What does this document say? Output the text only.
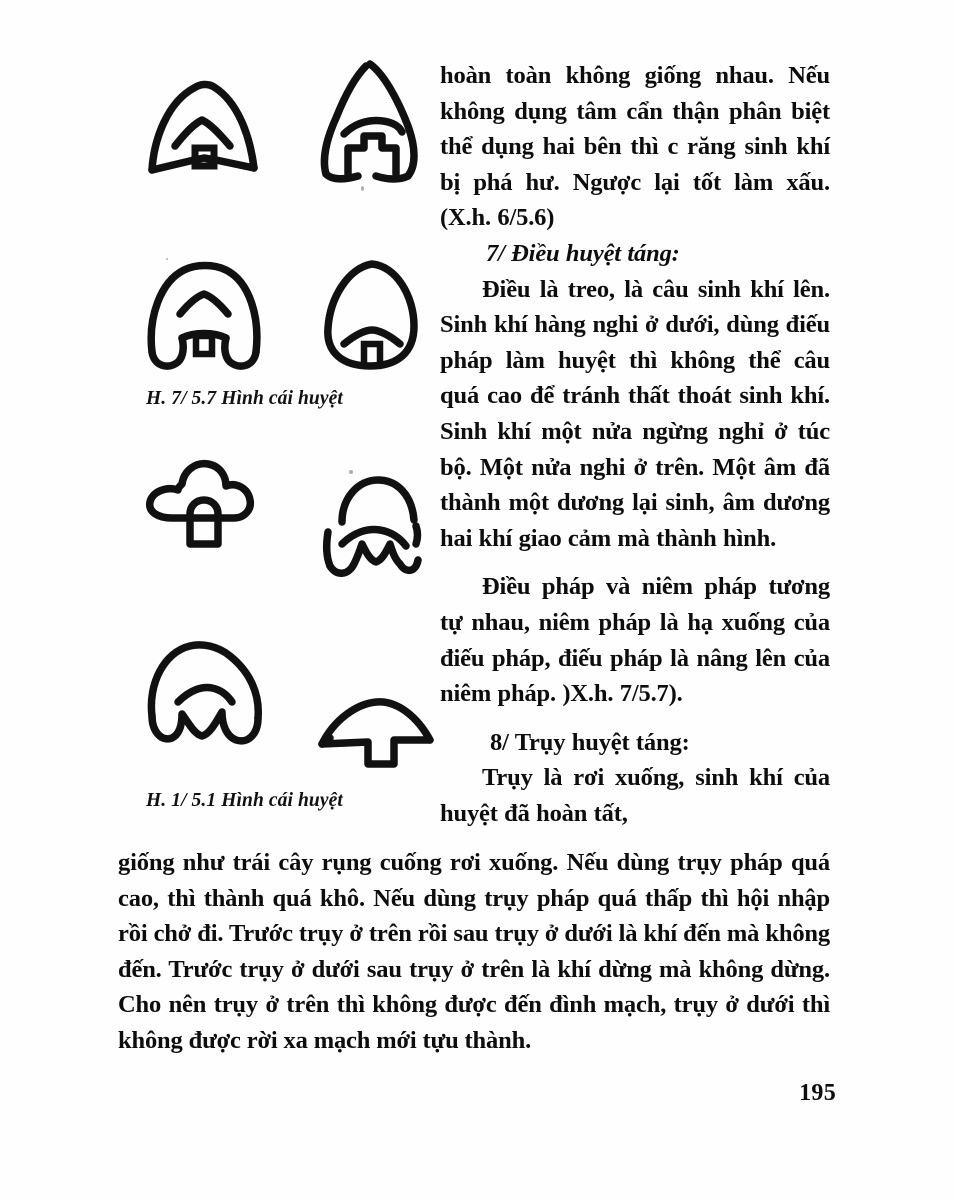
H. 7/ 5.7 Hình cái huyệt
H. 1/ 5.1 Hình cái huyệt

hoàn toàn không giống nhau. Nếu không dụng tâm cẩn thận phân biệt thể dụng hai bên thì c răng sinh khí bị phá hư. Ngược lại tốt làm xấu. (X.h. 6/5.6)

7/ Điều huyệt táng:

Điều là treo, là câu sinh khí lên. Sinh khí hàng nghi ở dưới, dùng điếu pháp làm huyệt thì không thể câu quá cao để tránh thất thoát sinh khí. Sinh khí một nửa ngừng nghỉ ở túc bộ. Một nửa nghi ở trên. Một âm đã thành một dương lại sinh, âm dương hai khí giao cảm mà thành hình.

Điều pháp và niêm pháp tương tự nhau, niêm pháp là hạ xuống của điếu pháp, điếu pháp là nâng lên của niêm pháp. )X.h. 7/5.7).

8/ Trụy huyệt táng:

Trụy là rơi xuống, sinh khí của huyệt đã hoàn tất,

giống như trái cây rụng cuống rơi xuống. Nếu dùng trụy pháp quá cao, thì thành quá khô. Nếu dùng trụy pháp quá thấp thì hội nhập rồi chở đi. Trước trụy ở trên rồi sau trụy ở dưới là khí đến mà không đến. Trước trụy ở dưới sau trụy ở trên là khí dừng mà không dừng. Cho nên trụy ở trên thì không được đến đình mạch, trụy ở dưới thì không được rời xa mạch mới tựu thành.

195
